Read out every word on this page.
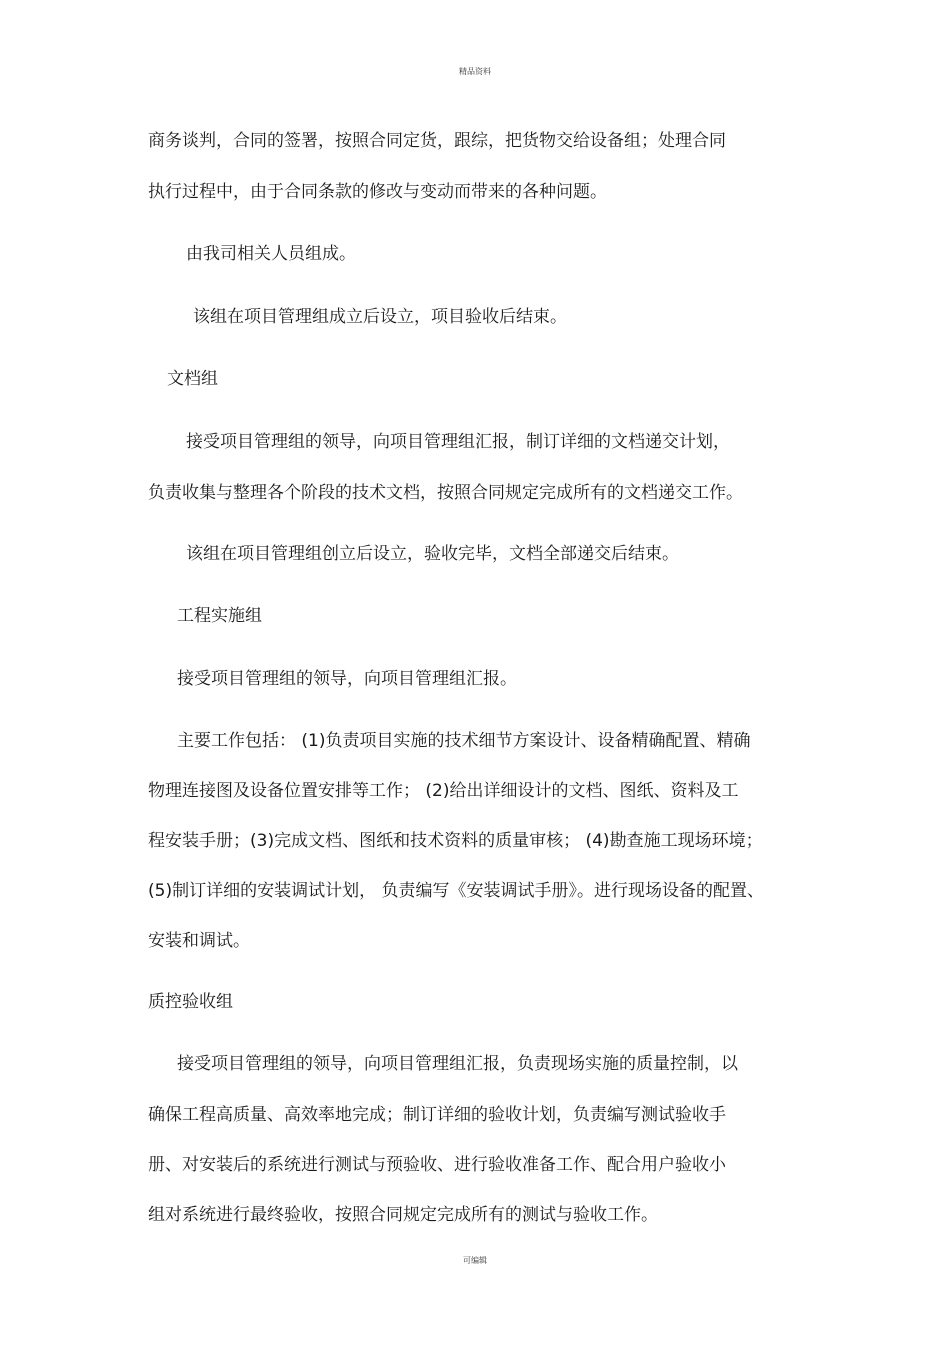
精品资料
商务谈判，合同的签署，按照合同定货，跟综，把货物交给设备组；处理合同
执行过程中，由于合同条款的修改与变动而带来的各种问题。
由我司相关人员组成。
该组在项目管理组成立后设立，项目验收后结束。
文档组
接受项目管理组的领导，向项目管理组汇报，制订详细的文档递交计划，
负责收集与整理各个阶段的技术文档，按照合同规定完成所有的文档递交工作。
该组在项目管理组创立后设立，验收完毕，文档全部递交后结束。
工程实施组
接受项目管理组的领导，向项目管理组汇报。
主要工作包括： (1)负责项目实施的技术细节方案设计、设备精确配置、精确
物理连接图及设备位置安排等工作； (2)给出详细设计的文档、图纸、资料及工
程安装手册；(3)完成文档、图纸和技术资料的质量审核； (4)勘查施工现场环境；
(5)制订详细的安装调试计划， 负责编写《安装调试手册》。进行现场设备的配置、
安装和调试。
质控验收组
接受项目管理组的领导，向项目管理组汇报，负责现场实施的质量控制，以
确保工程高质量、高效率地完成；制订详细的验收计划，负责编写测试验收手
册、对安装后的系统进行测试与预验收、进行验收准备工作、配合用户验收小
组对系统进行最终验收，按照合同规定完成所有的测试与验收工作。
可编辑
